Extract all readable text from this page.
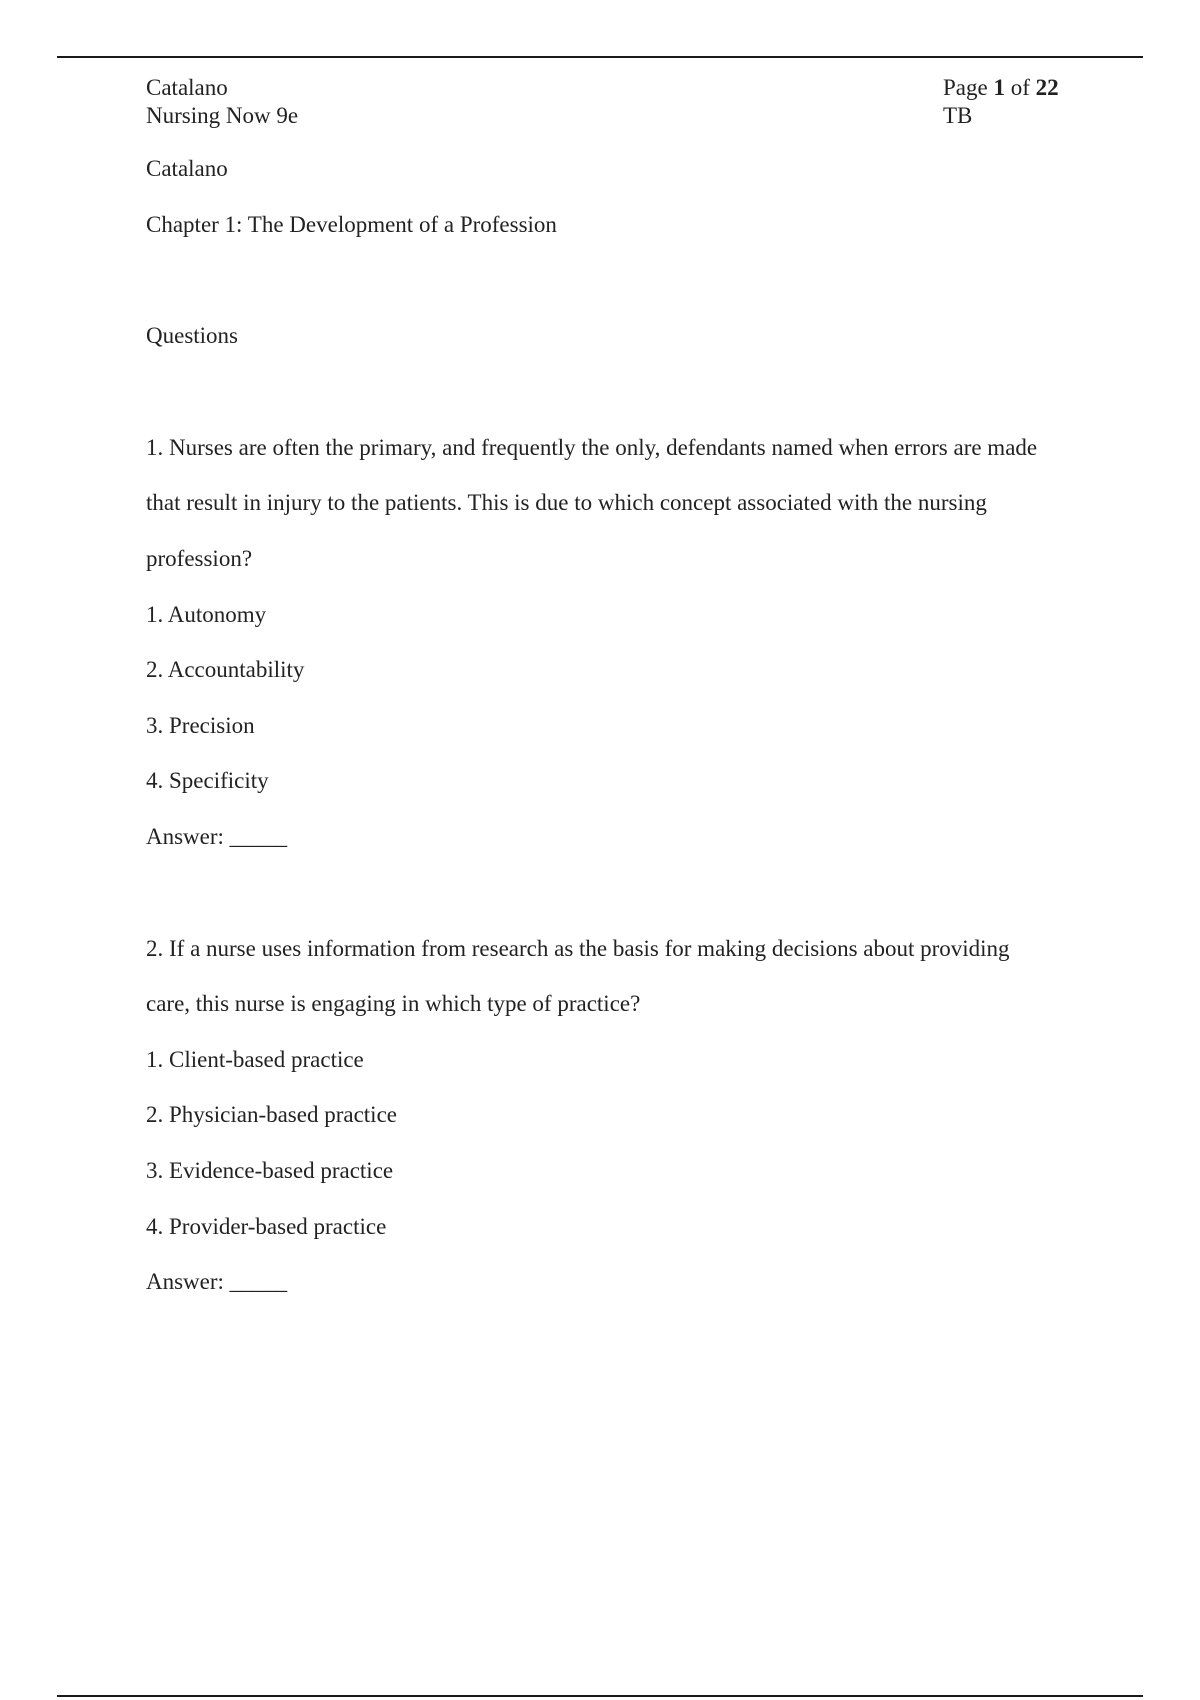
Catalano
Nursing Now 9e
Page 1 of 22
TB
Catalano
Chapter 1: The Development of a Profession
Questions
1. Nurses are often the primary, and frequently the only, defendants named when errors are made
that result in injury to the patients. This is due to which concept associated with the nursing
profession?
1. Autonomy
2. Accountability
3. Precision
4. Specificity
Answer: _____
2. If a nurse uses information from research as the basis for making decisions about providing
care, this nurse is engaging in which type of practice?
1. Client-based practice
2. Physician-based practice
3. Evidence-based practice
4. Provider-based practice
Answer: _____
